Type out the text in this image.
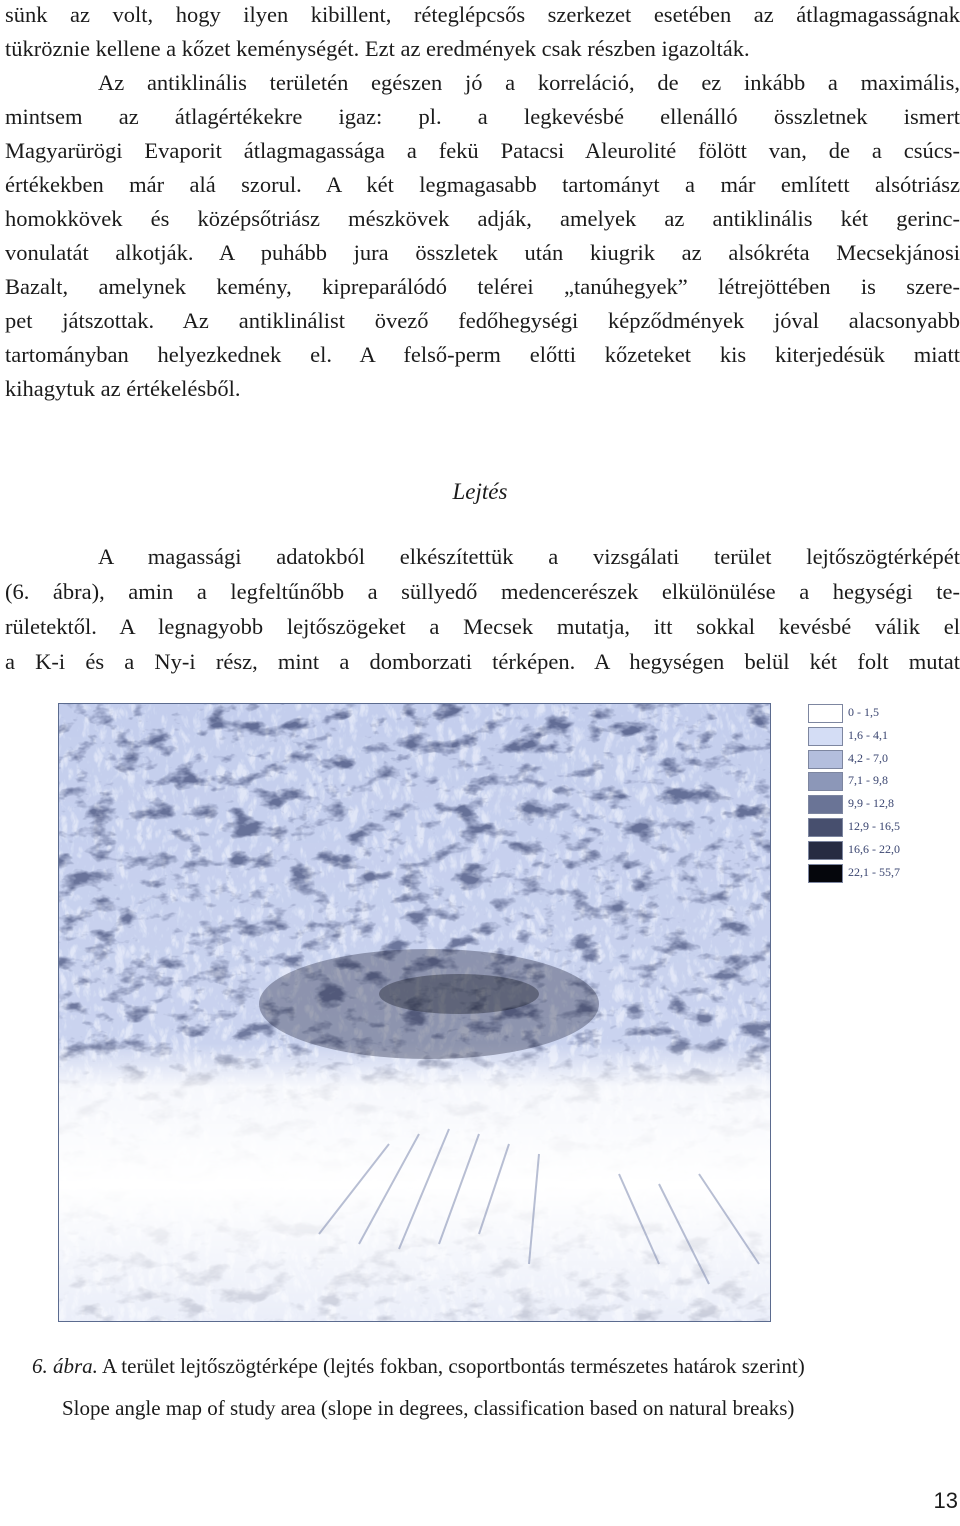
sünk az volt, hogy ilyen kibillent, réteglépcsős szerkezet esetében az átlagmagasságnak
tükröznie kellene a kőzet keménységét. Ezt az eredmények csak részben igazolták.
Az antiklinális területén egészen jó a korreláció, de ez inkább a maximális,
mintsem az átlagértékekre igaz: pl. a legkevésbé ellenálló összletnek ismert
Magyarürögi Evaporit átlagmagassága a fekü Patacsi Aleurolité fölött van, de a csúcs-
értékekben már alá szorul. A két legmagasabb tartományt a már említett alsótriász
homokkövek és középsőtriász mészkövek adják, amelyek az antiklinális két gerinc-
vonulatát alkotják. A puhább jura összletek után kiugrik az alsókréta Mecsekjánosi
Bazalt, amelynek kemény, kipreparálódó telérei „tanúhegyek” létrejöttében is szere-
pet játszottak. Az antiklinálist övező fedőhegységi képződmények jóval alacsonyabb
tartományban helyezkednek el. A felső-perm előtti kőzeteket kis kiterjedésük miatt
kihagytuk az értékelésből.
Lejtés
A magassági adatokból elkészítettük a vizsgálati terület lejtőszögtérképét
(6. ábra), amin a legfeltűnőbb a süllyedő medencerészek elkülönülése a hegységi te-
rületektől. A legnagyobb lejtőszögeket a Mecsek mutatja, itt sokkal kevésbé válik el
a K-i és a Ny-i rész, mint a domborzati térképen. A hegységen belül két folt mutat
0 - 1,5
1,6 - 4,1
4,2 - 7,0
7,1 - 9,8
9,9 - 12,8
12,9 - 16,5
16,6 - 22,0
22,1 - 55,7
6. ábra. A terület lejtőszögtérképe (lejtés fokban, csoportbontás természetes határok szerint)
Slope angle map of study area (slope in degrees, classification based on natural breaks)
13
